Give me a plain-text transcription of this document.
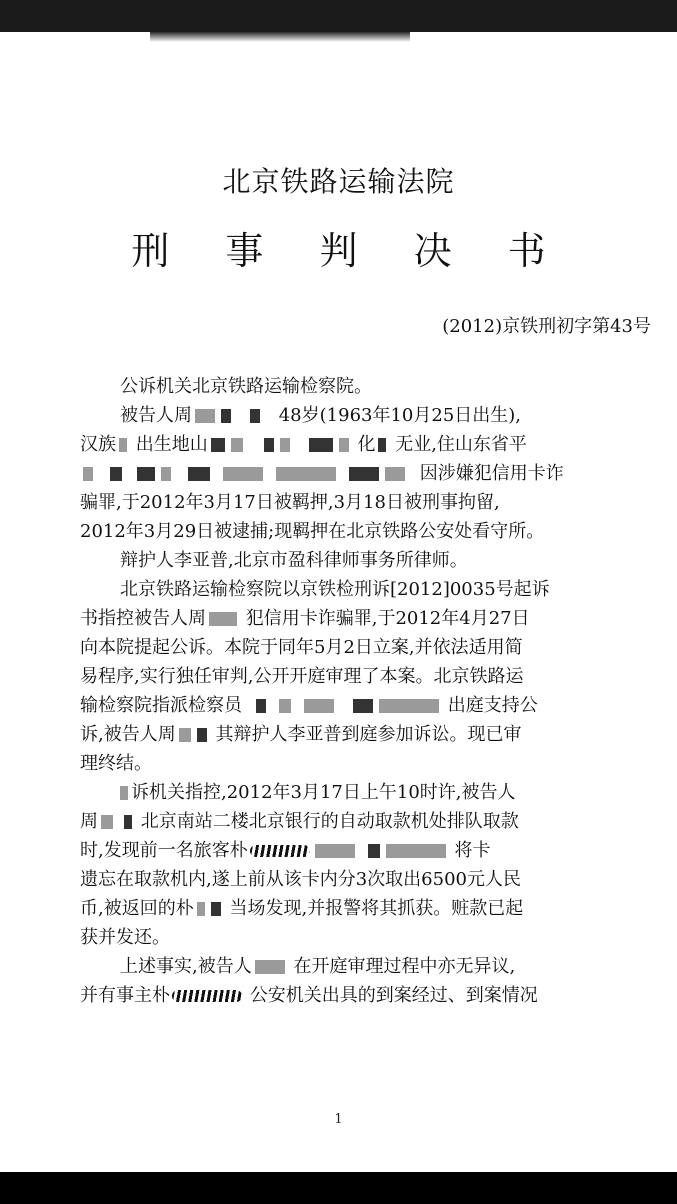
北京铁路运输法院
刑 事 判 决 书
(2012)京铁刑初字第43号
公诉机关北京铁路运输检察院。
被告人周	48岁(1963年10月25日出生),
汉族 出生地山	化 无业,住山东省平
因涉嫌犯信用卡诈
骗罪,于2012年3月17日被羁押,3月18日被刑事拘留,
2012年3月29日被逮捕;现羁押在北京铁路公安处看守所。
辩护人李亚普,北京市盈科律师事务所律师。
北京铁路运输检察院以京铁检刑诉[2012]0035号起诉
书指控被告人周 犯信用卡诈骗罪,于2012年4月27日
向本院提起公诉。本院于同年5月2日立案,并依法适用简
易程序,实行独任审判,公开开庭审理了本案。北京铁路运
输检察院指派检察员	出庭支持公
诉,被告人周 其辩护人李亚普到庭参加诉讼。现已审
理终结。
诉机关指控,2012年3月17日上午10时许,被告人
周 北京南站二楼北京银行的自动取款机处排队取款
时,发现前一名旅客朴	将卡
遗忘在取款机内,遂上前从该卡内分3次取出6500元人民
币,被返回的朴 当场发现,并报警将其抓获。赃款已起
获并发还。
上述事实,被告人 在开庭审理过程中亦无异议,
并有事主朴	公安机关出具的到案经过、到案情况
1
